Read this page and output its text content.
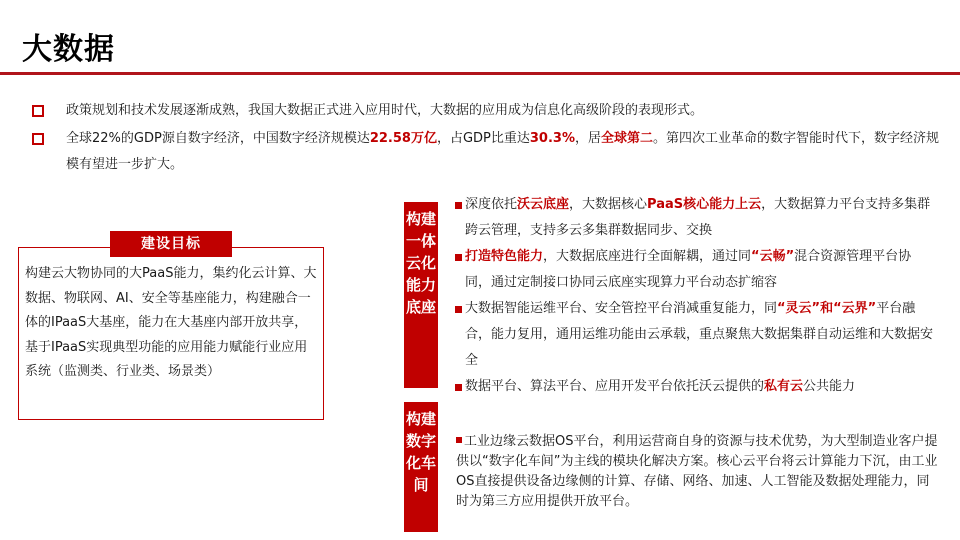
大数据
政策规划和技术发展逐渐成熟，我国大数据正式进入应用时代，大数据的应用成为信息化高级阶段的表现形式。
全球22%的GDP源自数字经济，中国数字经济规模达22.58万亿，占GDP比重达30.3%，居全球第二。第四次工业革命的数字智能时代下，数字经济规模有望进一步扩大。
构建云大物协同的大PaaS能力，集约化云计算、大数据、物联网、AI、安全等基座能力，构建融合一体的IPaaS大基座，能力在大基座内部开放共享，基于IPaaS实现典型功能的应用能力赋能行业应用系统（监测类、行业类、场景类）
建设目标
构建一体云化能力底座
构建数字化车间
深度依托沃云底座，大数据核心PaaS核心能力上云，大数据算力平台支持多集群跨云管理，支持多云多集群数据同步、交换
打造特色能力，大数据底座进行全面解耦，通过同“云畅”混合资源管理平台协同，通过定制接口协同云底座实现算力平台动态扩缩容
大数据智能运维平台、安全管控平台消减重复能力，同“灵云”和“云界”平台融合，能力复用，通用运维功能由云承载，重点聚焦大数据集群自动运维和大数据安全
数据平台、算法平台、应用开发平台依托沃云提供的私有云公共能力
工业边缘云数据OS平台，利用运营商自身的资源与技术优势，为大型制造业客户提供以“数字化车间”为主线的模块化解决方案。核心云平台将云计算能力下沉，由工业OS直接提供设备边缘侧的计算、存储、网络、加速、人工智能及数据处理能力，同时为第三方应用提供开放平台。
